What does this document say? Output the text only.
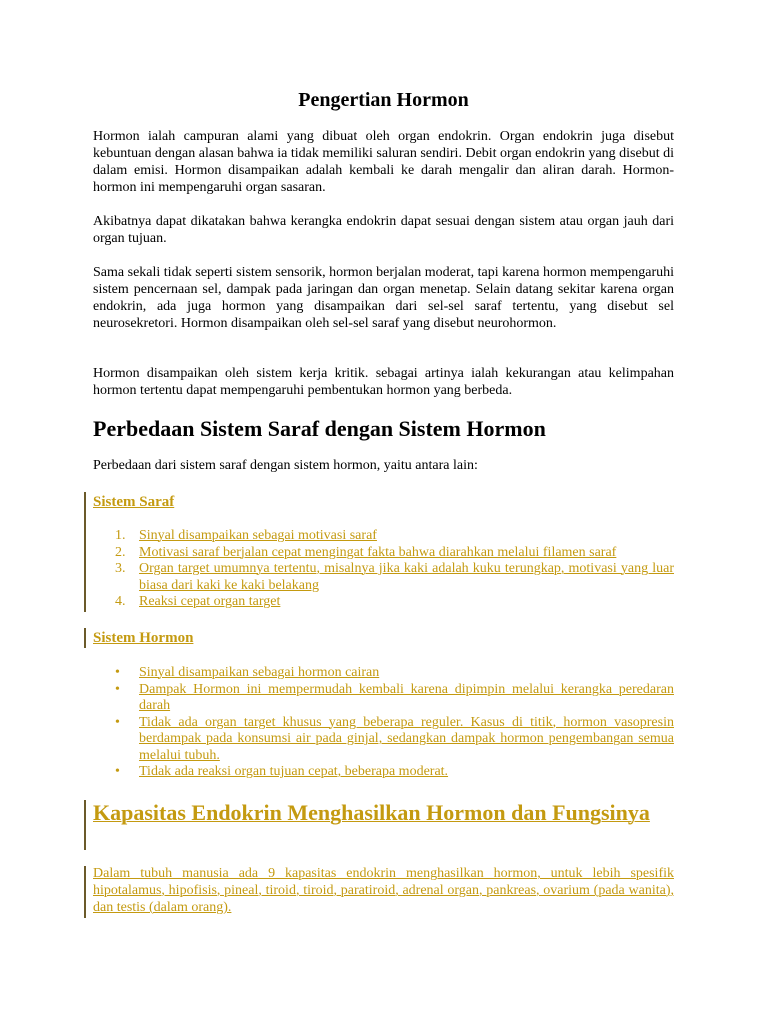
Pengertian Hormon

Hormon ialah campuran alami yang dibuat oleh organ endokrin. Organ endokrin juga disebut kebuntuan dengan alasan bahwa ia tidak memiliki saluran sendiri. Debit organ endokrin yang disebut di dalam emisi. Hormon disampaikan adalah kembali ke darah mengalir dan aliran darah. Hormon-hormon ini mempengaruhi organ sasaran.

Akibatnya dapat dikatakan bahwa kerangka endokrin dapat sesuai dengan sistem atau organ jauh dari organ tujuan.

Sama sekali tidak seperti sistem sensorik, hormon berjalan moderat, tapi karena hormon mempengaruhi sistem pencernaan sel, dampak pada jaringan dan organ menetap. Selain datang sekitar karena organ endokrin, ada juga hormon yang disampaikan dari sel-sel saraf tertentu, yang disebut sel neurosekretori. Hormon disampaikan oleh sel-sel saraf yang disebut neurohormon.

Hormon disampaikan oleh sistem kerja kritik. sebagai artinya ialah kekurangan atau kelimpahan hormon tertentu dapat mempengaruhi pembentukan hormon yang berbeda.

Perbedaan Sistem Saraf dengan Sistem Hormon

Perbedaan dari sistem saraf dengan sistem hormon, yaitu antara lain:

Sistem Saraf
1. Sinyal disampaikan sebagai motivasi saraf
2. Motivasi saraf berjalan cepat mengingat fakta bahwa diarahkan melalui filamen saraf
3. Organ target umumnya tertentu, misalnya jika kaki adalah kuku terungkap, motivasi yang luar biasa dari kaki ke kaki belakang
4. Reaksi cepat organ target
Sistem Hormon
• Sinyal disampaikan sebagai hormon cairan
• Dampak Hormon ini mempermudah kembali karena dipimpin melalui kerangka peredaran darah
• Tidak ada organ target khusus yang beberapa reguler. Kasus di titik, hormon vasopresin berdampak pada konsumsi air pada ginjal, sedangkan dampak hormon pengembangan semua melalui tubuh.
• Tidak ada reaksi organ tujuan cepat, beberapa moderat.
Kapasitas Endokrin Menghasilkan Hormon dan Fungsinya

Dalam tubuh manusia ada 9 kapasitas endokrin menghasilkan hormon, untuk lebih spesifik hipotalamus, hipofisis, pineal, tiroid, tiroid, paratiroid, adrenal organ, pankreas, ovarium (pada wanita), dan testis (dalam orang).
